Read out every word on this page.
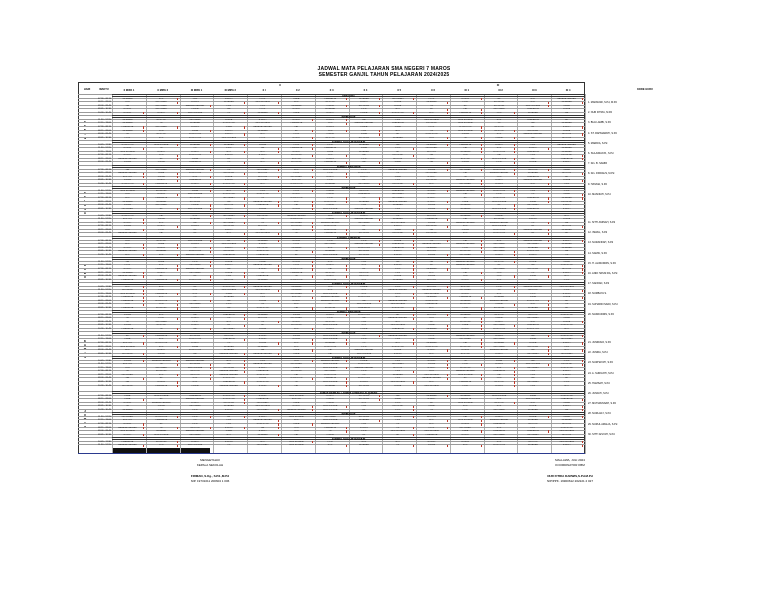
JADWAL MATA PELAJARAN SMA NEGERI 7 MAROS
SEMESTER GANJIL TAHUN PELAJARAN 2024/2025
HARI	WAKTU
X	XI
KODE GURU
MENGETAHUI
KEPALA SEKOLAH
FIRMAN, S.Kg., S.Pd.,M.Pd
NIP. 19731011 200604 1 006
MALLAWA, JULI 2024
KOORDINATOR KBM
NUR FITRIA DARWIS,S.Pd.M.Pd
NIP/PPK. 19900612 202221 2 027
X MIPA 1	X MIPA 2	XI MIPA 1	XI MIPA 2	X I	X 2	X 3	X 4	X 5	X 6	XI 1	XI 2	XI 3	XI 4
S
E
N
I
N
UPACARA
07.30 - 08.15	SEJARAH	MTK	PKN	B.INDO	PJOK	KIMIA	PRAKARYA	SEJARAH	GEOGRAFI	PJOK	B.INGG	BK	MTK	BAHASA DAERAH
08.15 - 09.00	PKN	GEOGRAFI	B.INGG	SEJARAH	SENI BUDAYA	MTK	BIOLOGI	B.INDO	FISIKA	SEJARAH	PJOK	EKONOMI	MTK	SEJARAH
09.00 - 09.45	PAI	GEOGRAFI	BAHASA DAERAH	PKN	PKN	SEJARAH	FISIKA	EKONOMI	FISIKA	TIK	BK	EKONOMI	SENI BUDAYA	KIMIA
09.45 - 10.30	B.INGG	GEOGRAFI	FISIKA	PAI	PJOK	B.INDO	SEJARAH	PJOK	MTK	BK	PAI	GEOGRAFI	PRAKARYA	FISIKA
10.30 - 10.45	B.INGG	B.INDO	SENI BUDAYA	TIK	SEJARAH	KIMIA	B.INDO	FISIKA	SOSIOLOGI	MTK	PRAKARYA	PKN	SEJARAH	PAI
ISTIRAHAT
11.30 - 12.15	SEJARAH	BIOLOGI	GEOGRAFI	FISIKA	B.INDO	B.INDO	B.INGG	PAI	PKN	SENI BUDAYA	SENI BUDAYA	MTK	PRAKARYA	BK
12.15 - 13.00	SEJARAH	TIK	SEJARAH	SOSIOLOGI	SENI BUDAYA	PRAKARYA	PKN	BAHASA DAERAH	PRAKARYA	EKONOMI	SENI BUDAYA	TIK	PAI	SEJARAH
07.30 - 08.15	PRAKARYA	GEOGRAFI	B.INGG	KIMIA	BAHASA DAERAH	PAI	B.INGG	FISIKA	KIMIA	PJOK	SOSIOLOGI	BIOLOGI	BK	B.INDO
08.15 - 09.00	SEJARAH	PKN	KIMIA	B.INDO	SEJARAH	BK	PKN	PKN	MTK	TIK	SENI BUDAYA	BIOLOGI	EKONOMI	FISIKA
09.00 - 09.45	TIK	BIOLOGI	SOSIOLOGI	B.INDO	MTK	PJOK	FISIKA	KIMIA	BK	SOSIOLOGI	FISIKA	MTK	BAHASA DAERAH	BIOLOGI
09.45 - 10.30	PJOK	MTK	SOSIOLOGI	SENI BUDAYA	PJOK	B.INDO	BIOLOGI	EKONOMI	SEJARAH	PKN	TIK	FISIKA	PAI	BIOLOGI
JADWAL SHALAT DZUHUR
10.45 - 11.30	SOSIOLOGI	SENI BUDAYA	SEJARAH	SEJARAH	FISIKA	PJOK	PJOK	SEJARAH	PAI	SEJARAH	PRAKARYA	B.INDO	PKN	BAHASA DAERAH
11.30 - 12.15	B.INGG	TIK	TIK	PJOK	PAI	PRAKARYA	PRAKARYA	KIMIA	PJOK	GEOGRAFI	PAI	MTK	B.INDO	SEJARAH
12.15 - 13.00	SENI BUDAYA	B.INDO	B.INDO	MTK	MTK	B.INDO	KIMIA	SEJARAH	BK	BIOLOGI	SEJARAH	SOSIOLOGI	PRAKARYA	SEJARAH
07.30 - 08.15	B.INDO	PKN	SOSIOLOGI	B.INGG	B.INDO	EKONOMI	PKN	PAI	EKONOMI	PAI	PKN	PAI	PKN	EKONOMI
08.15 - 09.00	BAHASA DAERAH	BK	KIMIA	BK	TIK	BIOLOGI	B.INGG	PJOK	BIOLOGI	B.INDO	BIOLOGI	SENI BUDAYA	PAI	PRAKARYA
09.00 - 09.45	FISIKA	FISIKA	PRAKARYA	TIK	MTK	EKONOMI	PRAKARYA	PAI	KIMIA	PAI	FISIKA	PJOK	FISIKA	B.INDO
S
E
L
A
S
A
JADWAL TADARUS
07.30 - 08.15	PAI	GEOGRAFI	BAHASA DAERAH	TIK	GEOGRAFI	MTK	SENI BUDAYA	PJOK	BAHASA DAERAH	FISIKA	GEOGRAFI	SOSIOLOGI	BIOLOGI	KIMIA
08.15 - 09.00	BAHASA DAERAH	KIMIA	SOSIOLOGI	EKONOMI	BIOLOGI	PJOK	PJOK	SOSIOLOGI	TIK	GEOGRAFI	PAI	BAHASA DAERAH	SEJARAH	BIOLOGI
09.00 - 09.45	BIOLOGI	FISIKA	MTK	FISIKA	BIOLOGI	GEOGRAFI	B.INDO	B.INDO	KIMIA	B.INDO	TIK	PKN	PRAKARYA	BK
09.45 - 10.30	FISIKA	B.INDO	PRAKARYA	B.INGG	GEOGRAFI	BIOLOGI	PJOK	BK	PKN	EKONOMI	BAHASA DAERAH	B.INDO	BAHASA DAERAH	FISIKA
10.30 - 10.45	SOSIOLOGI	PRAKARYA	B.INDO	SOSIOLOGI	MTK	SOSIOLOGI	SEJARAH	GEOGRAFI	EKONOMI	MTK	GEOGRAFI	B.INGG	MTK	PKN
ISTIRAHAT
11.30 - 12.15	SENI BUDAYA	EKONOMI	KIMIA	MTK	PKN	PJOK	FISIKA	BIOLOGI	PRAKARYA	B.INGG	BAHASA DAERAH	SOSIOLOGI	PKN	PJOK
12.15 - 13.00	PKN	B.INGG	SENI BUDAYA	SOSIOLOGI	SOSIOLOGI	B.INDO	FISIKA	PRAKARYA	GEOGRAFI	B.INGG	PAI	PJOK	TIK	KIMIA
07.30 - 08.15	MTK	PRAKARYA	EKONOMI	GEOGRAFI	TIK	SOSIOLOGI	PJOK	TIK	GEOGRAFI	B.INDO	BK	SOSIOLOGI	PRAKARYA	SEJARAH
08.15 - 09.00	SEJARAH	SEJARAH	EKONOMI	PAI	BAHASA DAERAH	MTK	SOSIOLOGI	SEJARAH	BAHASA DAERAH	B.INDO	KIMIA	SENI BUDAYA	KIMIA	EKONOMI
09.00 - 09.45	FISIKA	GEOGRAFI	FISIKA	BIOLOGI	PRAKARYA	PAI	FISIKA	PKN	SEJARAH	FISIKA	SEJARAH	BK	GEOGRAFI	B.INDO
09.45 - 10.30	GEOGRAFI	BK	SENI BUDAYA	B.INDO	FISIKA	B.INGG	SENI BUDAYA	BAHASA DAERAH	PKN	FISIKA	SEJARAH	SENI BUDAYA	PRAKARYA	B.INDO
JADWAL SHALAT DZUHUR
10.45 - 11.30	SOSIOLOGI	PAI	MTK	GEOGRAFI	EKONOMI	BAHASA DAERAH	PKN	B.INDO	TIK	BIOLOGI	SEJARAH	FISIKA	TIK	MTK
11.30 - 12.15	BIOLOGI	FISIKA	SEJARAH	PJOK	TIK	SOSIOLOGI	FISIKA	BAHASA DAERAH	SEJARAH	PRAKARYA	PAI	EKONOMI	B.INGG	FISIKA
12.15 - 13.00	B.INDO	MTK	PAI	GEOGRAFI	TIK	GEOGRAFI	BAHASA DAERAH	GEOGRAFI	SENI BUDAYA	FISIKA	BAHASA DAERAH	BAHASA DAERAH	TIK	PAI
07.30 - 08.15	FISIKA	B.INDO	B.INGG	EKONOMI	BIOLOGI	EKONOMI	SOSIOLOGI	BK	B.INDO	EKONOMI	MTK	SENI BUDAYA	BK	BIOLOGI
08.15 - 09.00	PKN	PJOK	BK	B.INDO	MTK	B.INDO	SOSIOLOGI	BK	KIMIA	PAI	FISIKA	SOSIOLOGI	BAHASA DAERAH	SEJARAH
09.00 - 09.45	BAHASA DAERAH	PAI	BK	MTK	SENI BUDAYA	TIK	PRAKARYA	EKONOMI	EKONOMI	EKONOMI	MTK	SOSIOLOGI	BK	BK
R
A
B
U
JADWAL LITERASI
07.30 - 08.15	PKN	BIOLOGI	SENI BUDAYA	BK	SEJARAH	B.INGG	PJOK	PJOK	FISIKA	TIK	PAI	MTK	BAHASA DAERAH	B.INDO
08.15 - 09.00	MTK	KIMIA	B.INGG	SENI BUDAYA	B.INGG	PJOK	GEOGRAFI	BAHASA DAERAH	PRAKARYA	BAHASA DAERAH	BAHASA DAERAH	GEOGRAFI	GEOGRAFI	SEJARAH
09.00 - 09.45	B.INDO	B.INGG	TIK	B.INDO	EKONOMI	SEJARAH	MTK	SOSIOLOGI	PRAKARYA	SEJARAH	PJOK	GEOGRAFI	SEJARAH	SEJARAH
09.45 - 10.30	BAHASA DAERAH	SEJARAH	SOSIOLOGI	EKONOMI	SOSIOLOGI	TIK	SEJARAH	EKONOMI	B.INDO	BIOLOGI	EKONOMI	GEOGRAFI	SOSIOLOGI	PAI
10.30 - 10.45	MTK	MTK	BAHASA DAERAH	PRAKARYA	PRAKARYA	BK	SENI BUDAYA	EKONOMI	B.INGG	FISIKA	GEOGRAFI	B.INDO	B.INDO	TIK
ISTIRAHAT
11.30 - 12.15	PAI	KIMIA	PJOK	FISIKA	KIMIA	B.INGG	MTK	PKN	PAI	PAI	BAHASA DAERAH	BIOLOGI	FISIKA	KIMIA
12.15 - 13.00	PJOK	MTK	GEOGRAFI	B.INDO	BAHASA DAERAH	PJOK	B.INDO	MTK	B.INGG	BK	BAHASA DAERAH	BK	PAI	SOSIOLOGI
07.30 - 08.15	B.INDO	PRAKARYA	BAHASA DAERAH	PAI	B.INGG	SOSIOLOGI	PAI	BK	PJOK	SEJARAH	B.INGG	GEOGRAFI	EKONOMI	BIOLOGI
08.15 - 09.00	SEJARAH	B.INDO	GEOGRAFI	FISIKA	TIK	PRAKARYA	BIOLOGI	BIOLOGI	PKN	MTK	PAI	PKN	TIK	B.INDO
09.00 - 09.45	BAHASA DAERAH	BK	BK	PKN	PRAKARYA	TIK	B.INDO	BIOLOGI	FISIKA	FISIKA	PKN	PKN	KIMIA	MTK
09.45 - 10.30	PRAKARYA	PRAKARYA	SOSIOLOGI	BIOLOGI	SEJARAH	SOSIOLOGI	SOSIOLOGI	MTK	SEJARAH	BIOLOGI	B.INDO	MTK	BIOLOGI	PJOK
JADWAL SHALAT DZUHUR
10.45 - 11.30	MTK	MTK	BK	SOSIOLOGI	BAHASA DAERAH	SEJARAH	PKN	FISIKA	PJOK	BIOLOGI	BIOLOGI	PJOK	BAHASA DAERAH	SENI BUDAYA
11.30 - 12.15	EKONOMI	PJOK	MTK	SENI BUDAYA	SENI BUDAYA	SEJARAH	MTK	MTK	BAHASA DAERAH	BAHASA DAERAH	GEOGRAFI	TIK	BIOLOGI	PJOK
12.15 - 13.00	SENI BUDAYA	PRAKARYA	MTK	KIMIA	MTK	GEOGRAFI	SENI BUDAYA	MTK	PJOK	SENI BUDAYA	B.INDO	MTK	PJOK	B.INGG
07.30 - 08.15	PRAKARYA	MTK	TIK	SEJARAH	PKN	BIOLOGI	BAHASA DAERAH	SOSIOLOGI	MTK	SEJARAH	PRAKARYA	SEJARAH	KIMIA	FISIKA
08.15 - 09.00	PRAKARYA	SOSIOLOGI	BK	PAI	FISIKA	B.INDO	BAHASA DAERAH	PAI	BAHASA DAERAH	SOSIOLOGI	SEJARAH	BAHASA DAERAH	SOSIOLOGI	BK
09.00 - 09.45	PKN	PKN	GEOGRAFI	PJOK	TIK	MTK	BK	SENI BUDAYA	SENI BUDAYA	PRAKARYA	EKONOMI	FISIKA	MTK	TIK
09.45 - 10.30	PRAKARYA	EKONOMI	B.INGG	PAI	SOSIOLOGI	PAI	EKONOMI	PRAKARYA	SOSIOLOGI	MTK	PJOK	EKONOMI	SEJARAH	BK
K
A
M
I
S
JADWAL TADARUS
07.30 - 08.15	FISIKA	MTK	PAI	PRAKARYA	SEJARAH	FISIKA	B.INGG	SOSIOLOGI	BK	BIOLOGI	SEJARAH	BIOLOGI	BIOLOGI	SOSIOLOGI
08.15 - 09.00	TIK	PJOK	B.INDO	TIK	BIOLOGI	GEOGRAFI	PJOK	PAI	BAHASA DAERAH	PKN	BK	FISIKA	GEOGRAFI	KIMIA
09.00 - 09.45	TIK	GEOGRAFI	PJOK	MTK	TIK	B.INDO	BIOLOGI	PKN	MTK	BK	EKONOMI	B.INDO	MTK	FISIKA
09.45 - 10.30	FISIKA	BIOLOGI	B.INDO	BK	BK	EKONOMI	SENI BUDAYA	MTK	SENI BUDAYA	KIMIA	KIMIA	GEOGRAFI	PRAKARYA	SOSIOLOGI
10.30 - 10.45	PRAKARYA	TIK	PAI	GEOGRAFI	FISIKA	MTK	B.INGG	FISIKA	PRAKARYA	SEJARAH	B.INDO	SOSIOLOGI	SOSIOLOGI	MTK
ISTIRAHAT
11.30 - 12.15	BK	PRAKARYA	EKONOMI	BIOLOGI	B.INGG	FISIKA	SENI BUDAYA	TIK	BAHASA DAERAH	PJOK	BAHASA DAERAH	B.INGG	PAI	SOSIOLOGI
12.15 - 13.00	KIMIA	MTK	SOSIOLOGI	PRAKARYA	B.INGG	B.INGG	SENI BUDAYA	PJOK	PKN	KIMIA	GEOGRAFI	GEOGRAFI	KIMIA	GEOGRAFI
07.30 - 08.15	BIOLOGI	SOSIOLOGI	B.INDO	TIK	FISIKA	MTK	SEJARAH	TIK	MTK	SEJARAH	PAI	SEJARAH	FISIKA	B.INDO
08.15 - 09.00	SENI BUDAYA	MTK	KIMIA	SEJARAH	SEJARAH	MTK	SOSIOLOGI	PJOK	SOSIOLOGI	SOSIOLOGI	EKONOMI	GEOGRAFI	EKONOMI	PKN
09.00 - 09.45	MTK	B.INDO	SOSIOLOGI	SEJARAH	PAI	KIMIA	PAI	BAHASA DAERAH	FISIKA	B.INDO	B.INGG	BAHASA DAERAH	PAI	MTK
09.45 - 10.30	EKONOMI	FISIKA	PAI	BAHASA DAERAH	BAHASA DAERAH	KIMIA	PAI	SENI BUDAYA	B.INGG	MTK	BIOLOGI	B.INDO	GEOGRAFI	GEOGRAFI
JADWAL SHALAT DZUHUR
10.45 - 11.30	FISIKA	BAHASA DAERAH	BAHASA DAERAH	MTK	PKN	PKN	BAHASA DAERAH	FISIKA	PKN	B.INGG	TIK	KIMIA	PAI	PJOK
11.30 - 12.15	BIOLOGI	TIK	EKONOMI	PAI	BAHASA DAERAH	GEOGRAFI	SENI BUDAYA	SOSIOLOGI	GEOGRAFI	FISIKA	PJOK	B.INGG	SENI BUDAYA	EKONOMI
12.15 - 13.00	PKN	GEOGRAFI	SENI BUDAYA	EKONOMI	B.INDO	KIMIA	SENI BUDAYA	BAHASA DAERAH	BIOLOGI	B.INDO	EKONOMI	MTK	GEOGRAFI	SOSIOLOGI
07.30 - 08.15	TIK	EKONOMI	BIOLOGI	BAHASA DAERAH	PRAKARYA	EKONOMI	GEOGRAFI	PJOK	PKN	PKN	BAHASA DAERAH	PRAKARYA	PKN	B.INDO
08.15 - 09.00	GEOGRAFI	MTK	BIOLOGI	BAHASA DAERAH	SOSIOLOGI	PAI	SOSIOLOGI	TIK	SEJARAH	SENI BUDAYA	SENI BUDAYA	PAI	PKN	B.INGG
09.00 - 09.45	PAI	BK	MTK	SOSIOLOGI	FISIKA	SOSIOLOGI	PRAKARYA	SOSIOLOGI	PKN	BAHASA DAERAH	BK	PKN	PAI	BK
09.45 - 10.30	PAI	B.INGG	MTK	PRAKARYA	SOSIOLOGI	TIK	SENI BUDAYA	B.INGG	SENI BUDAYA	MTK	PRAKARYA	BIOLOGI	GEOGRAFI	PJOK
10.30 - 10.45	EKONOMI	PRAKARYA	FISIKA	BAHASA DAERAH	B.INGG	PAI	SEJARAH	EKONOMI	FISIKA	SENI BUDAYA	PJOK	B.INGG	PKN	MTK
J
U
M
A
T
JUMAT BERKAH / JUMAT LITERASI ALQURAN
07.30 - 08.15	KIMIA	SENI BUDAYA	PRAKARYA	SOSIOLOGI	B.INGG	SENI BUDAYA	B.INDO	EKONOMI	PAI	SEJARAH	SEJARAH	SENI BUDAYA	KIMIA	SOSIOLOGI
08.15 - 09.00	KIMIA	BK	BAHASA DAERAH	SOSIOLOGI	PRAKARYA	BIOLOGI	FISIKA	EKONOMI	KIMIA	B.INDO	PRAKARYA	MTK	SENI BUDAYA	PRAKARYA
09.00 - 09.45	B.INGG	BAHASA DAERAH	B.INDO	EKONOMI	GEOGRAFI	KIMIA	FISIKA	MTK	PJOK	BK	SENI BUDAYA	BIOLOGI	MTK	KIMIA
09.45 - 10.30	TIK	FISIKA	GEOGRAFI	SEJARAH	SENI BUDAYA	B.INDO	SENI BUDAYA	PKN	EKONOMI	KIMIA	MTK	MTK	FISIKA	B.INDO
10.30 - 10.45	SEJARAH	PJOK	PJOK	B.INGG	GEOGRAFI	BAHASA DAERAH	SENI BUDAYA	BK	PJOK	TIK	PJOK	GEOGRAFI	SEJARAH	PAI
ISTIRAHAT
11.30 - 12.15	GEOGRAFI	SOSIOLOGI	PJOK	BK	B.INDO	SENI BUDAYA	GEOGRAFI	EKONOMI	FISIKA	BIOLOGI	PAI	B.INDO	FISIKA	KIMIA
12.15 - 13.00	BIOLOGI	PRAKARYA	TIK	PKN	BAHASA DAERAH	MTK	SENI BUDAYA	SEJARAH	PKN	MTK	SENI BUDAYA	BAHASA DAERAH	SEJARAH	SEJARAH
07.30 - 08.15	B.INGG	BK	PJOK	PKN	SOSIOLOGI	KIMIA	BAHASA DAERAH	PKN	TIK	MTK	B.INGG	PRAKARYA	BIOLOGI	BIOLOGI
08.15 - 09.00	BAHASA DAERAH	TIK	BIOLOGI	B.INGG	PAI	PKN	PRAKARYA	B.INGG	TIK	PJOK	GEOGRAFI	MTK	PKN	SOSIOLOGI
09.00 - 09.45	SENI BUDAYA	SEJARAH	BAHASA DAERAH	KIMIA	B.INDO	PKN	TIK	PJOK	SENI BUDAYA	SENI BUDAYA	KIMIA	PRAKARYA	PRAKARYA	SENI BUDAYA
09.45 - 10.30	B.INDO	SENI BUDAYA	GEOGRAFI	MTK	SEJARAH	PAI	FISIKA	BK	BK	PRAKARYA	B.INDO	GEOGRAFI	GEOGRAFI	BIOLOGI
JADWAL SHALAT DZUHUR
10.45 - 11.30	PRAKARYA	EKONOMI	B.INDO	B.INGG	MTK	SENI BUDAYA	PJOK	MTK	MTK	B.INGG	B.INGG	MTK	BIOLOGI	SENI BUDAYA
11.30 - 12.15	BAHASA DAERAH	PKN	SENI BUDAYA	TIK	GEOGRAFI	SENI BUDAYA	MTK	SEJARAH	TIK	FISIKA	MTK	SOSIOLOGI	SEJARAH	B.INDO
1. MANNAWI, S.Pd, M.Pd
2. NUR FITRIA, M.Pd
3. BUA LAMBI, S.Pd
4. ST. RAHMAWATI, S.Pd
5. MARDIA, S.Pd
6. SULAIMAN B., S.Pd
7. Drs. B. SAMIR
8. Drs. FIRDAUS, M.Pd
9. HASNIA, S.Pd
10. MASNIATI, S.Pd
11. SITTI AMINAH, S.Pd
12. ISMAIL, S.Pd
13. NURAFIFAH, S.Pd
14. SAMSI, S.Pd
15. H. ALIMUDDIN, S.Pd
16. ANDI HASNI RA, S.Pd
17. SAFRAN, S.Pd
18. NURBAYA S.
19. SUHARDI SAIDI, S.Pd
20. NASRUDDIN, S.Pd
21. JUMRIANI, S.Pd
22. JUMRA, S.Pd
23. NURHAYATI, S.Pd
24. A. SURIANTI, S.Pd
25. HAMSAH, S.Pd
26. JUMIATI, S.Pd
27. MUTMAINNAH, S.Pd
28. NURLAILY, S.Pd
29. NURUL AMALIA, S.Pd
30. SITTI AISYAH, S.Pd
